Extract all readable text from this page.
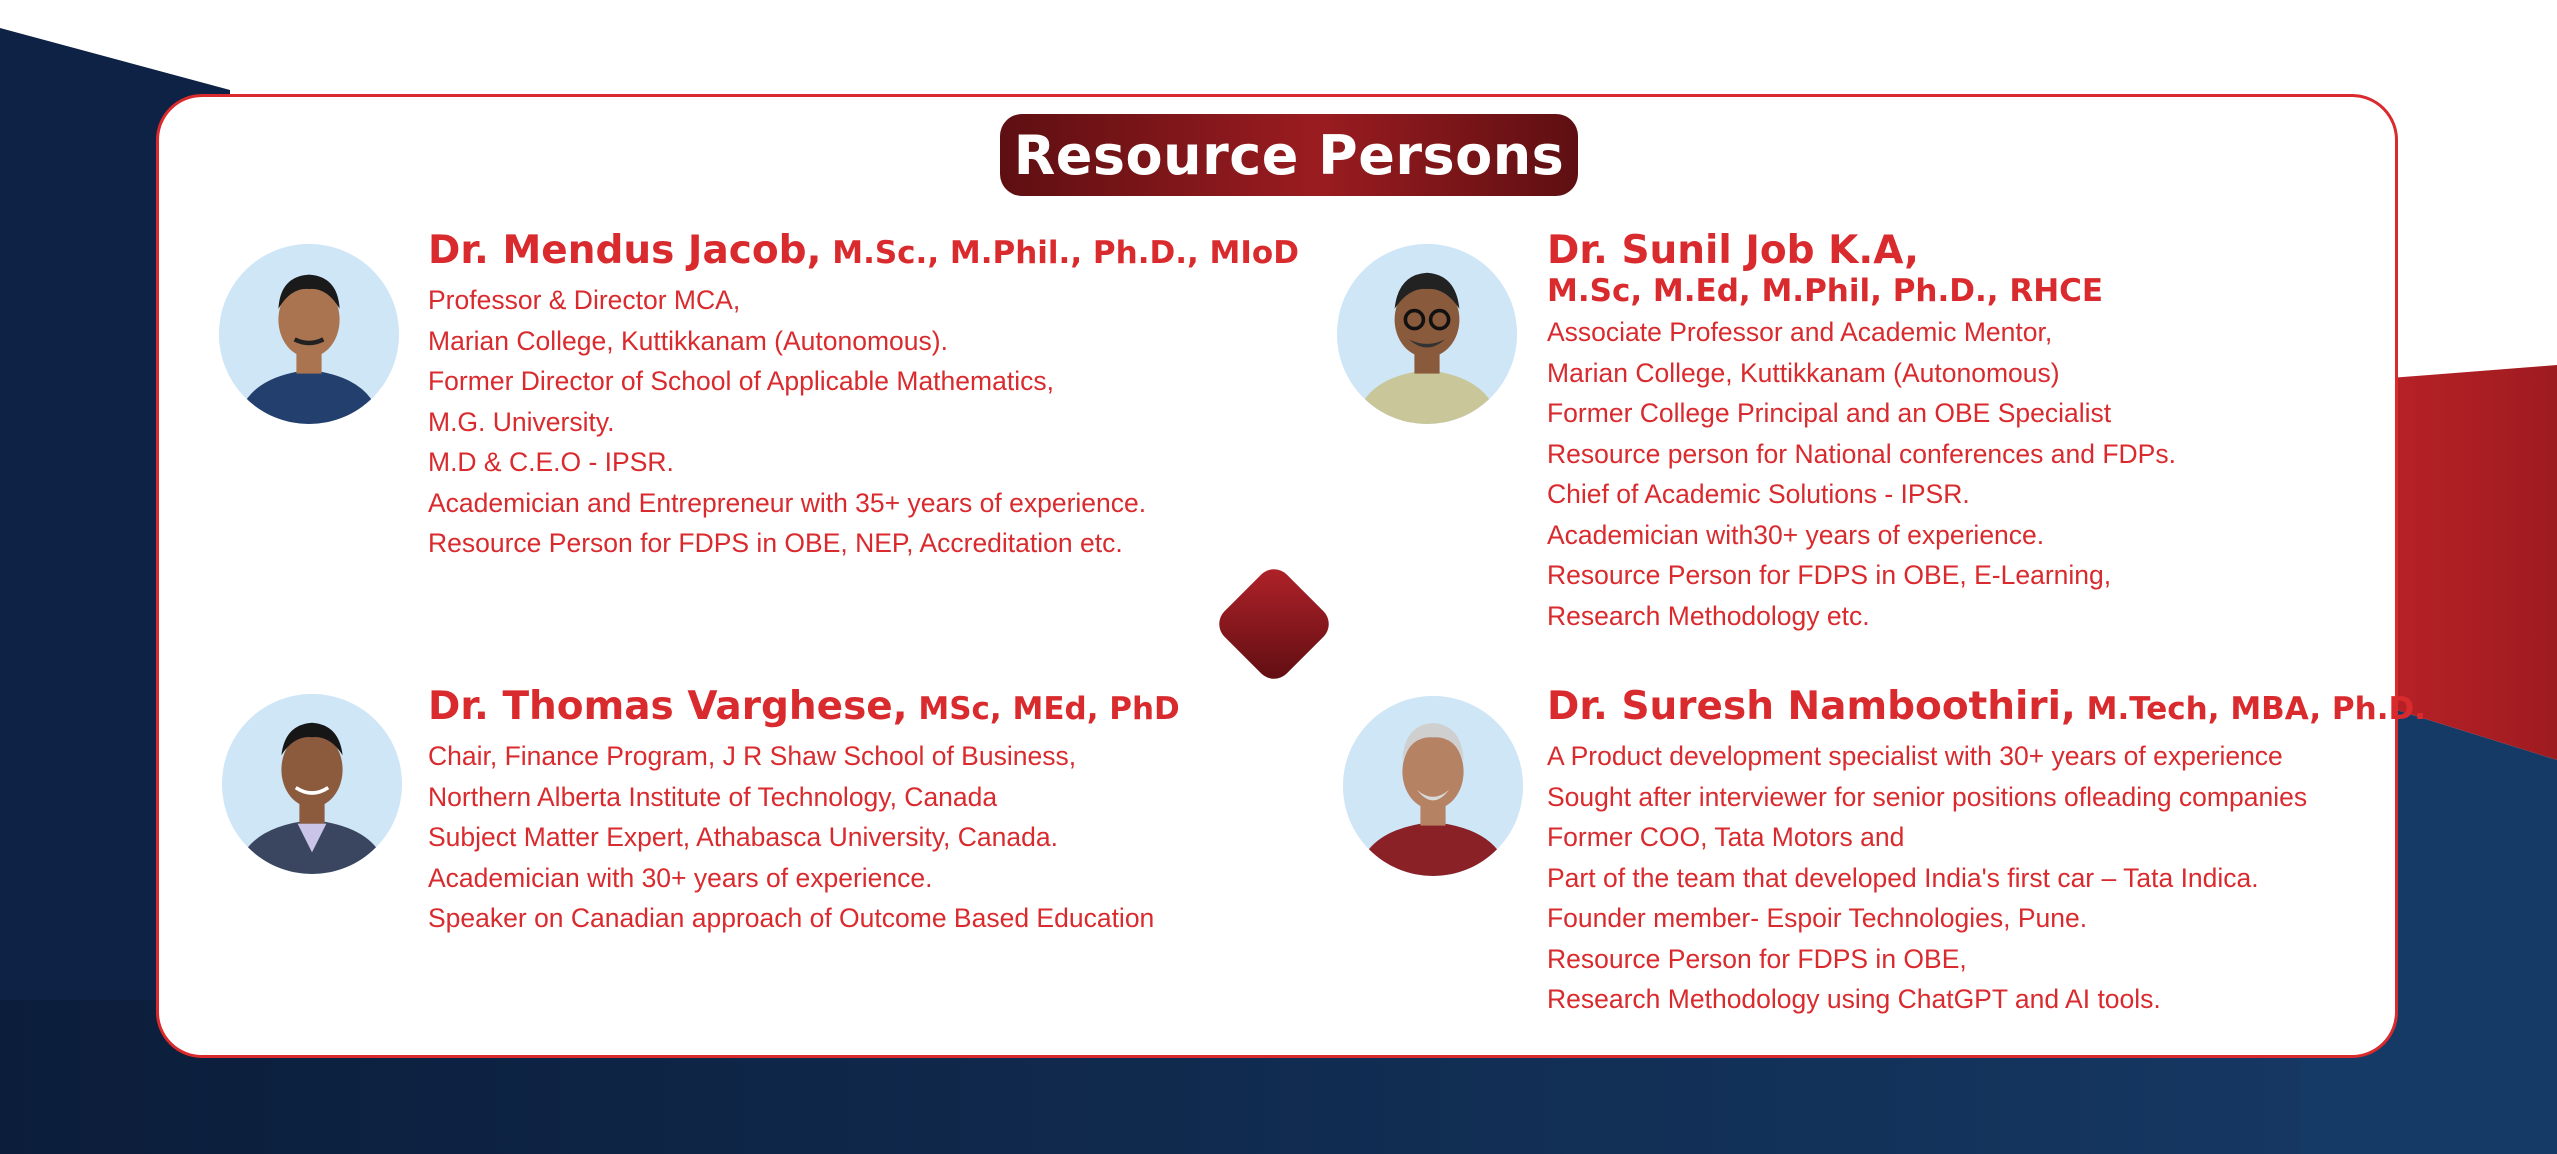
Resource Persons
Dr. Mendus Jacob, M.Sc., M.Phil., Ph.D., MIoD
Professor & Director MCA,
Marian College, Kuttikkanam (Autonomous).
Former Director of School of Applicable Mathematics,
M.G. University.
M.D & C.E.O - IPSR.
Academician and Entrepreneur with 35+ years of experience.
Resource Person for FDPS in OBE, NEP, Accreditation etc.
Dr. Sunil Job K.A,
M.Sc, M.Ed, M.Phil, Ph.D., RHCE
Associate Professor and Academic Mentor,
Marian College, Kuttikkanam (Autonomous)
Former College Principal and an OBE Specialist
Resource person for National conferences and FDPs.
Chief of Academic Solutions - IPSR.
Academician with30+ years of experience.
Resource Person for FDPS in OBE, E-Learning,
Research Methodology etc.
Dr. Thomas Varghese, MSc, MEd, PhD
Chair, Finance Program, J R Shaw School of Business,
Northern Alberta Institute of Technology, Canada
Subject Matter Expert, Athabasca University, Canada.
Academician with 30+ years of experience.
Speaker on Canadian approach of Outcome Based Education
Dr. Suresh Namboothiri, M.Tech, MBA, Ph.D.
A Product development specialist with 30+ years of experience
Sought after interviewer for senior positions ofleading companies
Former COO, Tata Motors and
Part of the team that developed India's first car – Tata Indica.
Founder member- Espoir Technologies, Pune.
Resource Person for FDPS in OBE,
Research Methodology using ChatGPT and AI tools.
